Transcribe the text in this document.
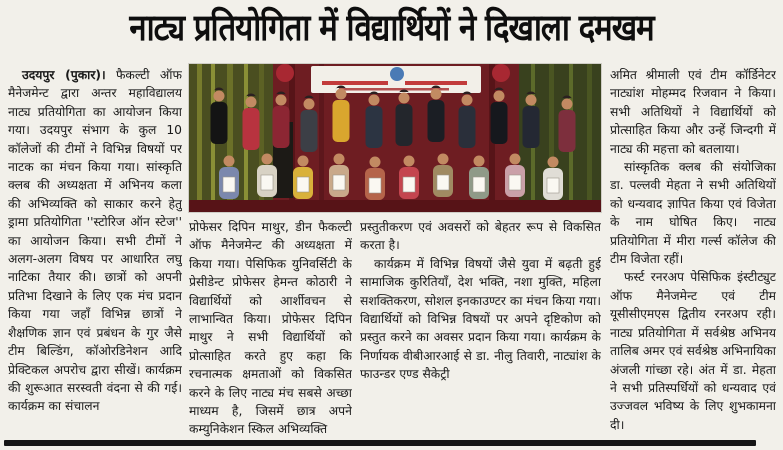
नाट्य प्रतियोगिता में विद्यार्थियों ने दिखाला दमखम

उदयपुर (पुकार)। फैकल्टी ऑफ मैनेजमेन्ट द्वारा अन्तर महाविद्यालय नाट्य प्रतियोगिता का आयोजन किया गया। उदयपुर संभाग के कुल 10 कॉलेजों की टीमों ने विभिन्न विषयों पर नाटक का मंचन किया गया। सांस्कृति क्लब की अध्यक्षता में अभिनय कला की अभिव्यक्ति को साकार करने हेतु ड्रामा प्रतियोगिता ''स्टोरिज ऑन स्टेज'' का आयोजन किया। सभी टीमों ने अलग-अलग विषय पर आधारित लघु नाटिका तैयार की। छात्रों को अपनी प्रतिभा दिखाने के लिए एक मंच प्रदान किया गया जहाँ विभिन्न छात्रों ने शैक्षणिक ज्ञान एवं प्रबंधन के गुर जैसे टीम बिल्डिंग, कॉओरडिनेशन आदि प्रेक्टिकल अपरोच द्वारा सीखें। कार्यक्रम की शुरूआत सरस्वती वंदना से की गई। कार्यक्रम का संचालन

प्रोफेसर दिपिन माथुर, डीन फैकल्टी ऑफ मैनेजमेन्ट की अध्यक्षता में किया गया। पेसिफिक युनिवर्सिटी के प्रेसीडेन्ट प्रोफेसर हेमन्त कोठारी ने विद्यार्थियों को आर्शीवचन से लाभान्वित किया। प्रोफेसर दिपिन माथुर ने सभी विद्यार्थियों को प्रोत्साहित करते हुए कहा कि रचनात्मक क्षमताओं को विकसित करने के लिए नाट्य मंच सबसे अच्छा माध्यम है, जिसमें छात्र अपने कम्युनिकेशन स्किल अभिव्यक्ति

प्रस्तुतीकरण एवं अवसरों को बेहतर रूप से विकसित करता है।

कार्यक्रम में विभिन्न विषयों जैसे युवा में बढ़ती हुई सामाजिक कुरितियाँ, देश भक्ति, नशा मुक्ति, महिला सशक्तिकरण, सोशल इनकाउण्टर का मंचन किया गया। विद्यार्थियों को विभिन्न विषयों पर अपने दृष्टिकोण को प्रस्तुत करने का अवसर प्रदान किया गया। कार्यक्रम के निर्णायक वीबीआरआई से डा. नीलु तिवारी, नाट्यांश के फाउन्डर एण्ड सैकेट्री

अमित श्रीमाली एवं टीम कॉर्डिनेटर नाट्यांश मोहम्मद रिजवान ने किया। सभी अतिथियों ने विद्यार्थियों को प्रोत्साहित किया और उन्हें जिन्दगी में नाट्य की महत्ता को बतलाया।

सांस्कृतिक क्लब की संयोजिका डा. पल्लवी मेहता ने सभी अतिथियों को धन्यवाद ज्ञापित किया एवं विजेता के नाम घोषित किए। नाट्य प्रतियोगिता में मीरा गर्ल्स कॉलेज की टीम विजेता रहीं।

फर्स्ट रनरअप पेसिफिक इंस्टीट्युट ऑफ मैनेजमेन्ट एवं टीम यूसीसीएमएस द्वितीय रनरअप रही। नाट्य प्रतियोगिता में सर्वश्रेष्ठ अभिनय तालिब अमर एवं सर्वश्रेष्ठ अभिनायिका अंजली गांच्छा रहे। अंत में डा. मेहता ने सभी प्रतिस्पर्धियों को धन्यवाद एवं उज्जवल भविष्य के लिए शुभकामना दी।
